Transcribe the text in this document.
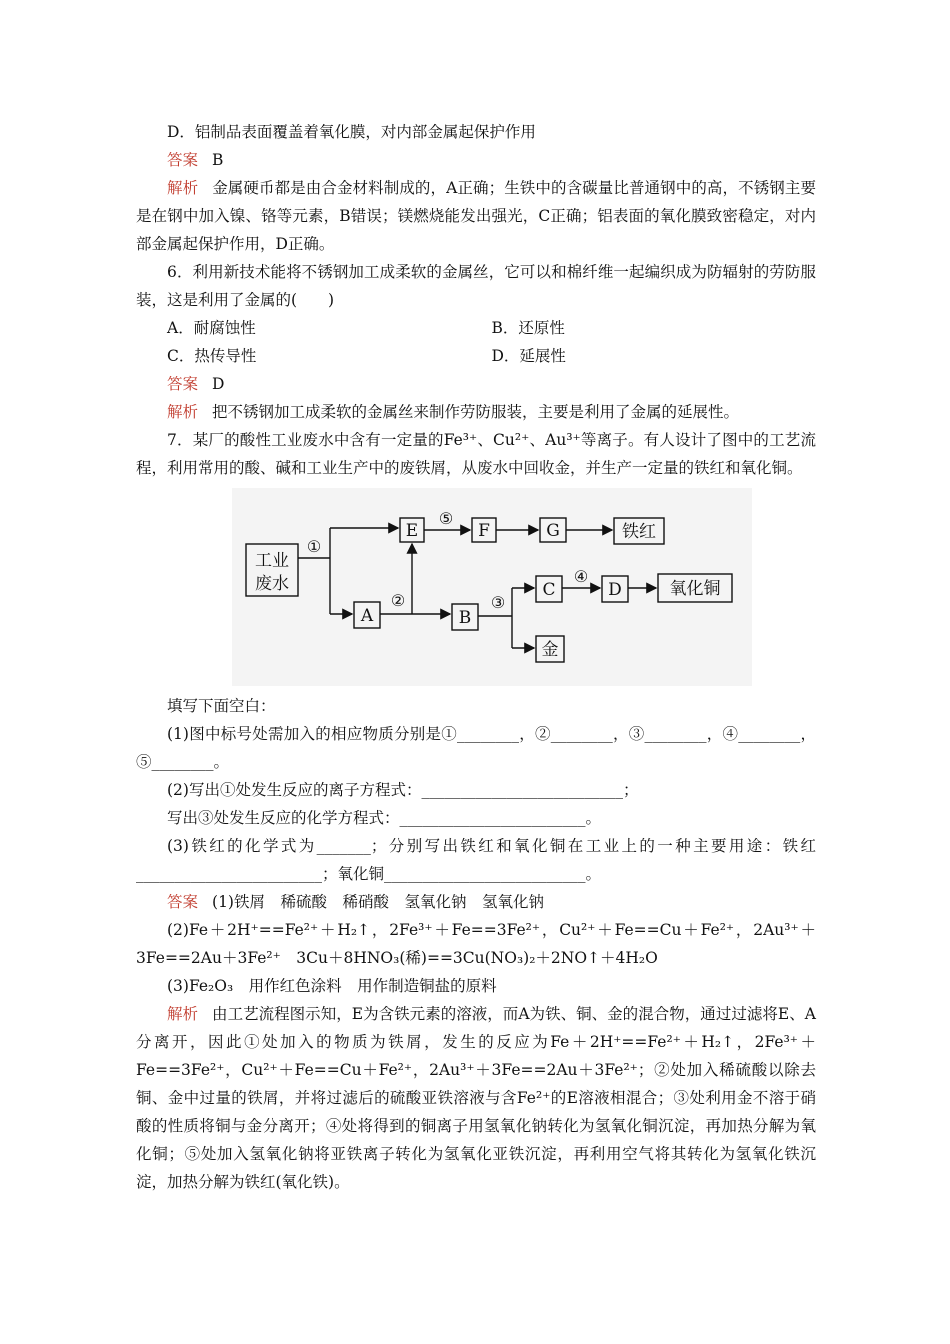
D．铝制品表面覆盖着氧化膜，对内部金属起保护作用

答案 B

解析 金属硬币都是由合金材料制成的，A正确；生铁中的含碳量比普通钢中的高，不锈钢主要是在钢中加入镍、铬等元素，B错误；镁燃烧能发出强光，C正确；铝表面的氧化膜致密稳定，对内部金属起保护作用，D正确。

6．利用新技术能将不锈钢加工成柔软的金属丝，它可以和棉纤维一起编织成为防辐射的劳防服装，这是利用了金属的(　　)

A．耐腐蚀性	B．还原性
C．热传导性	D．延展性

答案 D

解析 把不锈钢加工成柔软的金属丝来制作劳防服装，主要是利用了金属的延展性。

7．某厂的酸性工业废水中含有一定量的Fe³⁺、Cu²⁺、Au³⁺等离子。有人设计了图中的工艺流程，利用常用的酸、碱和工业生产中的废铁屑，从废水中回收金，并生产一定量的铁红和氧化铜。

工业
废水
E	F	G	铁红
A	B
C	D	氧化铜
金
①
②	③
④
⑤

填写下面空白：

(1)图中标号处需加入的相应物质分别是①________，②________，③________，④________，⑤________。

(2)写出①处发生反应的离子方程式：__________________________；

写出③处发生反应的化学方程式：________________________。

(3)铁红的化学式为_______；分别写出铁红和氧化铜在工业上的一种主要用途：铁红________________________；氧化铜__________________________。

答案 (1)铁屑　稀硫酸　稀硝酸　氢氧化钠　氢氧化钠

(2)Fe＋2H⁺==Fe²⁺＋H₂↑，2Fe³⁺＋Fe==3Fe²⁺，Cu²⁺＋Fe==Cu＋Fe²⁺，2Au³⁺＋3Fe==2Au＋3Fe²⁺　3Cu＋8HNO₃(稀)==3Cu(NO₃)₂＋2NO↑＋4H₂O

(3)Fe₂O₃　用作红色涂料　用作制造铜盐的原料

解析 由工艺流程图示知，E为含铁元素的溶液，而A为铁、铜、金的混合物，通过过滤将E、A分离开，因此①处加入的物质为铁屑，发生的反应为Fe＋2H⁺==Fe²⁺＋H₂↑，2Fe³⁺＋Fe==3Fe²⁺，Cu²⁺＋Fe==Cu＋Fe²⁺，2Au³⁺＋3Fe==2Au＋3Fe²⁺；②处加入稀硫酸以除去铜、金中过量的铁屑，并将过滤后的硫酸亚铁溶液与含Fe²⁺的E溶液相混合；③处利用金不溶于硝酸的性质将铜与金分离开；④处将得到的铜离子用氢氧化钠转化为氢氧化铜沉淀，再加热分解为氧化铜；⑤处加入氢氧化钠将亚铁离子转化为氢氧化亚铁沉淀，再利用空气将其转化为氢氧化铁沉淀，加热分解为铁红(氧化铁)。
